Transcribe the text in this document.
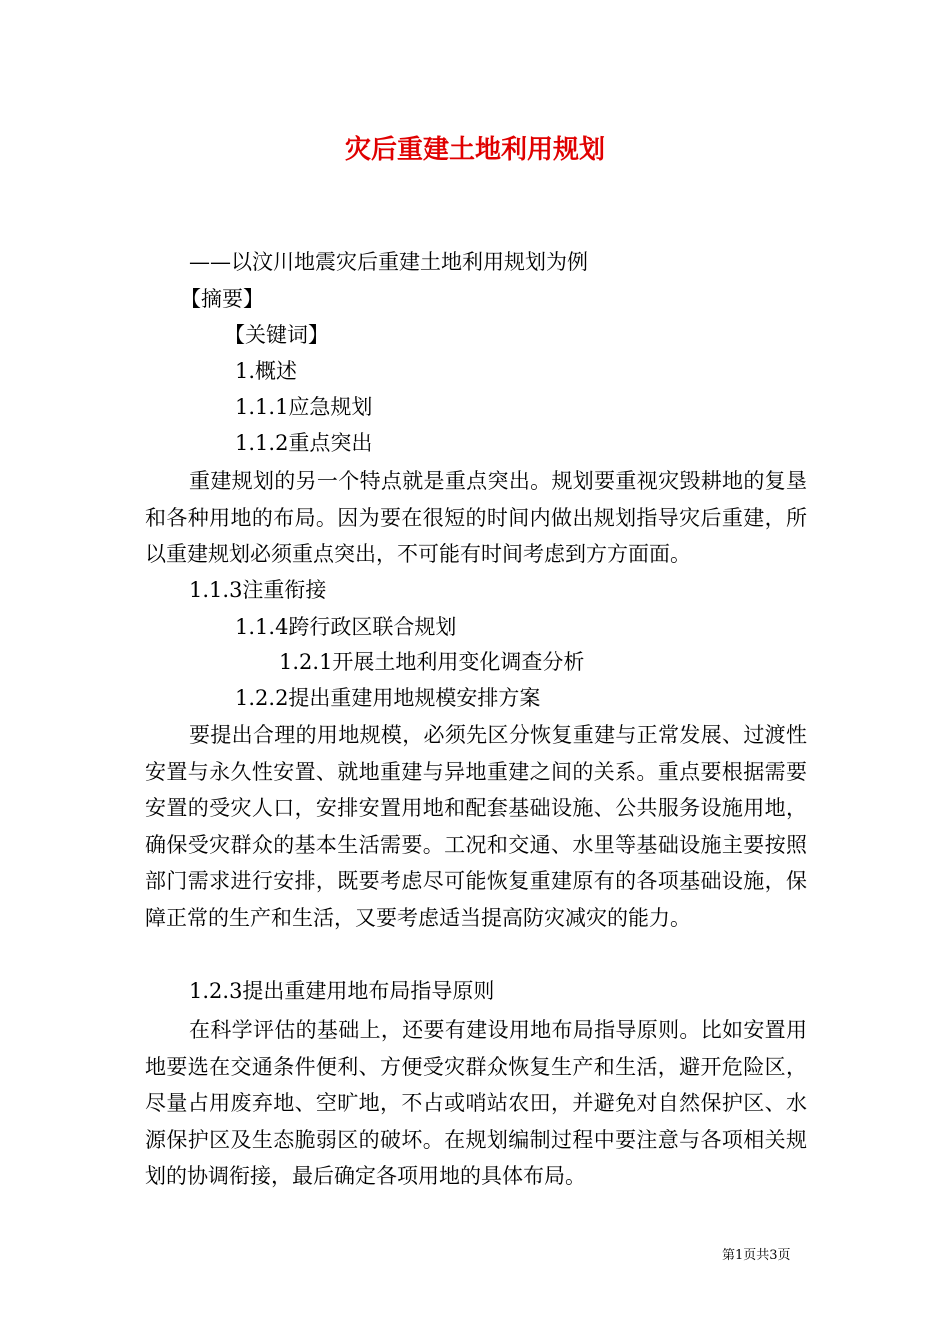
灾后重建土地利用规划
——以汶川地震灾后重建土地利用规划为例
【摘要】
【关键词】
1.概述
1.1.1应急规划
1.1.2重点突出
重建规划的另一个特点就是重点突出。规划要重视灾毁耕地的复垦和各种用地的布局。因为要在很短的时间内做出规划指导灾后重建，所以重建规划必须重点突出，不可能有时间考虑到方方面面。
1.1.3注重衔接
1.1.4跨行政区联合规划
1.2.1开展土地利用变化调查分析
1.2.2提出重建用地规模安排方案
要提出合理的用地规模，必须先区分恢复重建与正常发展、过渡性安置与永久性安置、就地重建与异地重建之间的关系。重点要根据需要安置的受灾人口，安排安置用地和配套基础设施、公共服务设施用地，确保受灾群众的基本生活需要。工况和交通、水里等基础设施主要按照部门需求进行安排，既要考虑尽可能恢复重建原有的各项基础设施，保障正常的生产和生活，又要考虑适当提高防灾减灾的能力。
1.2.3提出重建用地布局指导原则
在科学评估的基础上，还要有建设用地布局指导原则。比如安置用地要选在交通条件便利、方便受灾群众恢复生产和生活，避开危险区，尽量占用废弃地、空旷地，不占或哨站农田，并避免对自然保护区、水源保护区及生态脆弱区的破坏。在规划编制过程中要注意与各项相关规划的协调衔接，最后确定各项用地的具体布局。
第1页共3页
